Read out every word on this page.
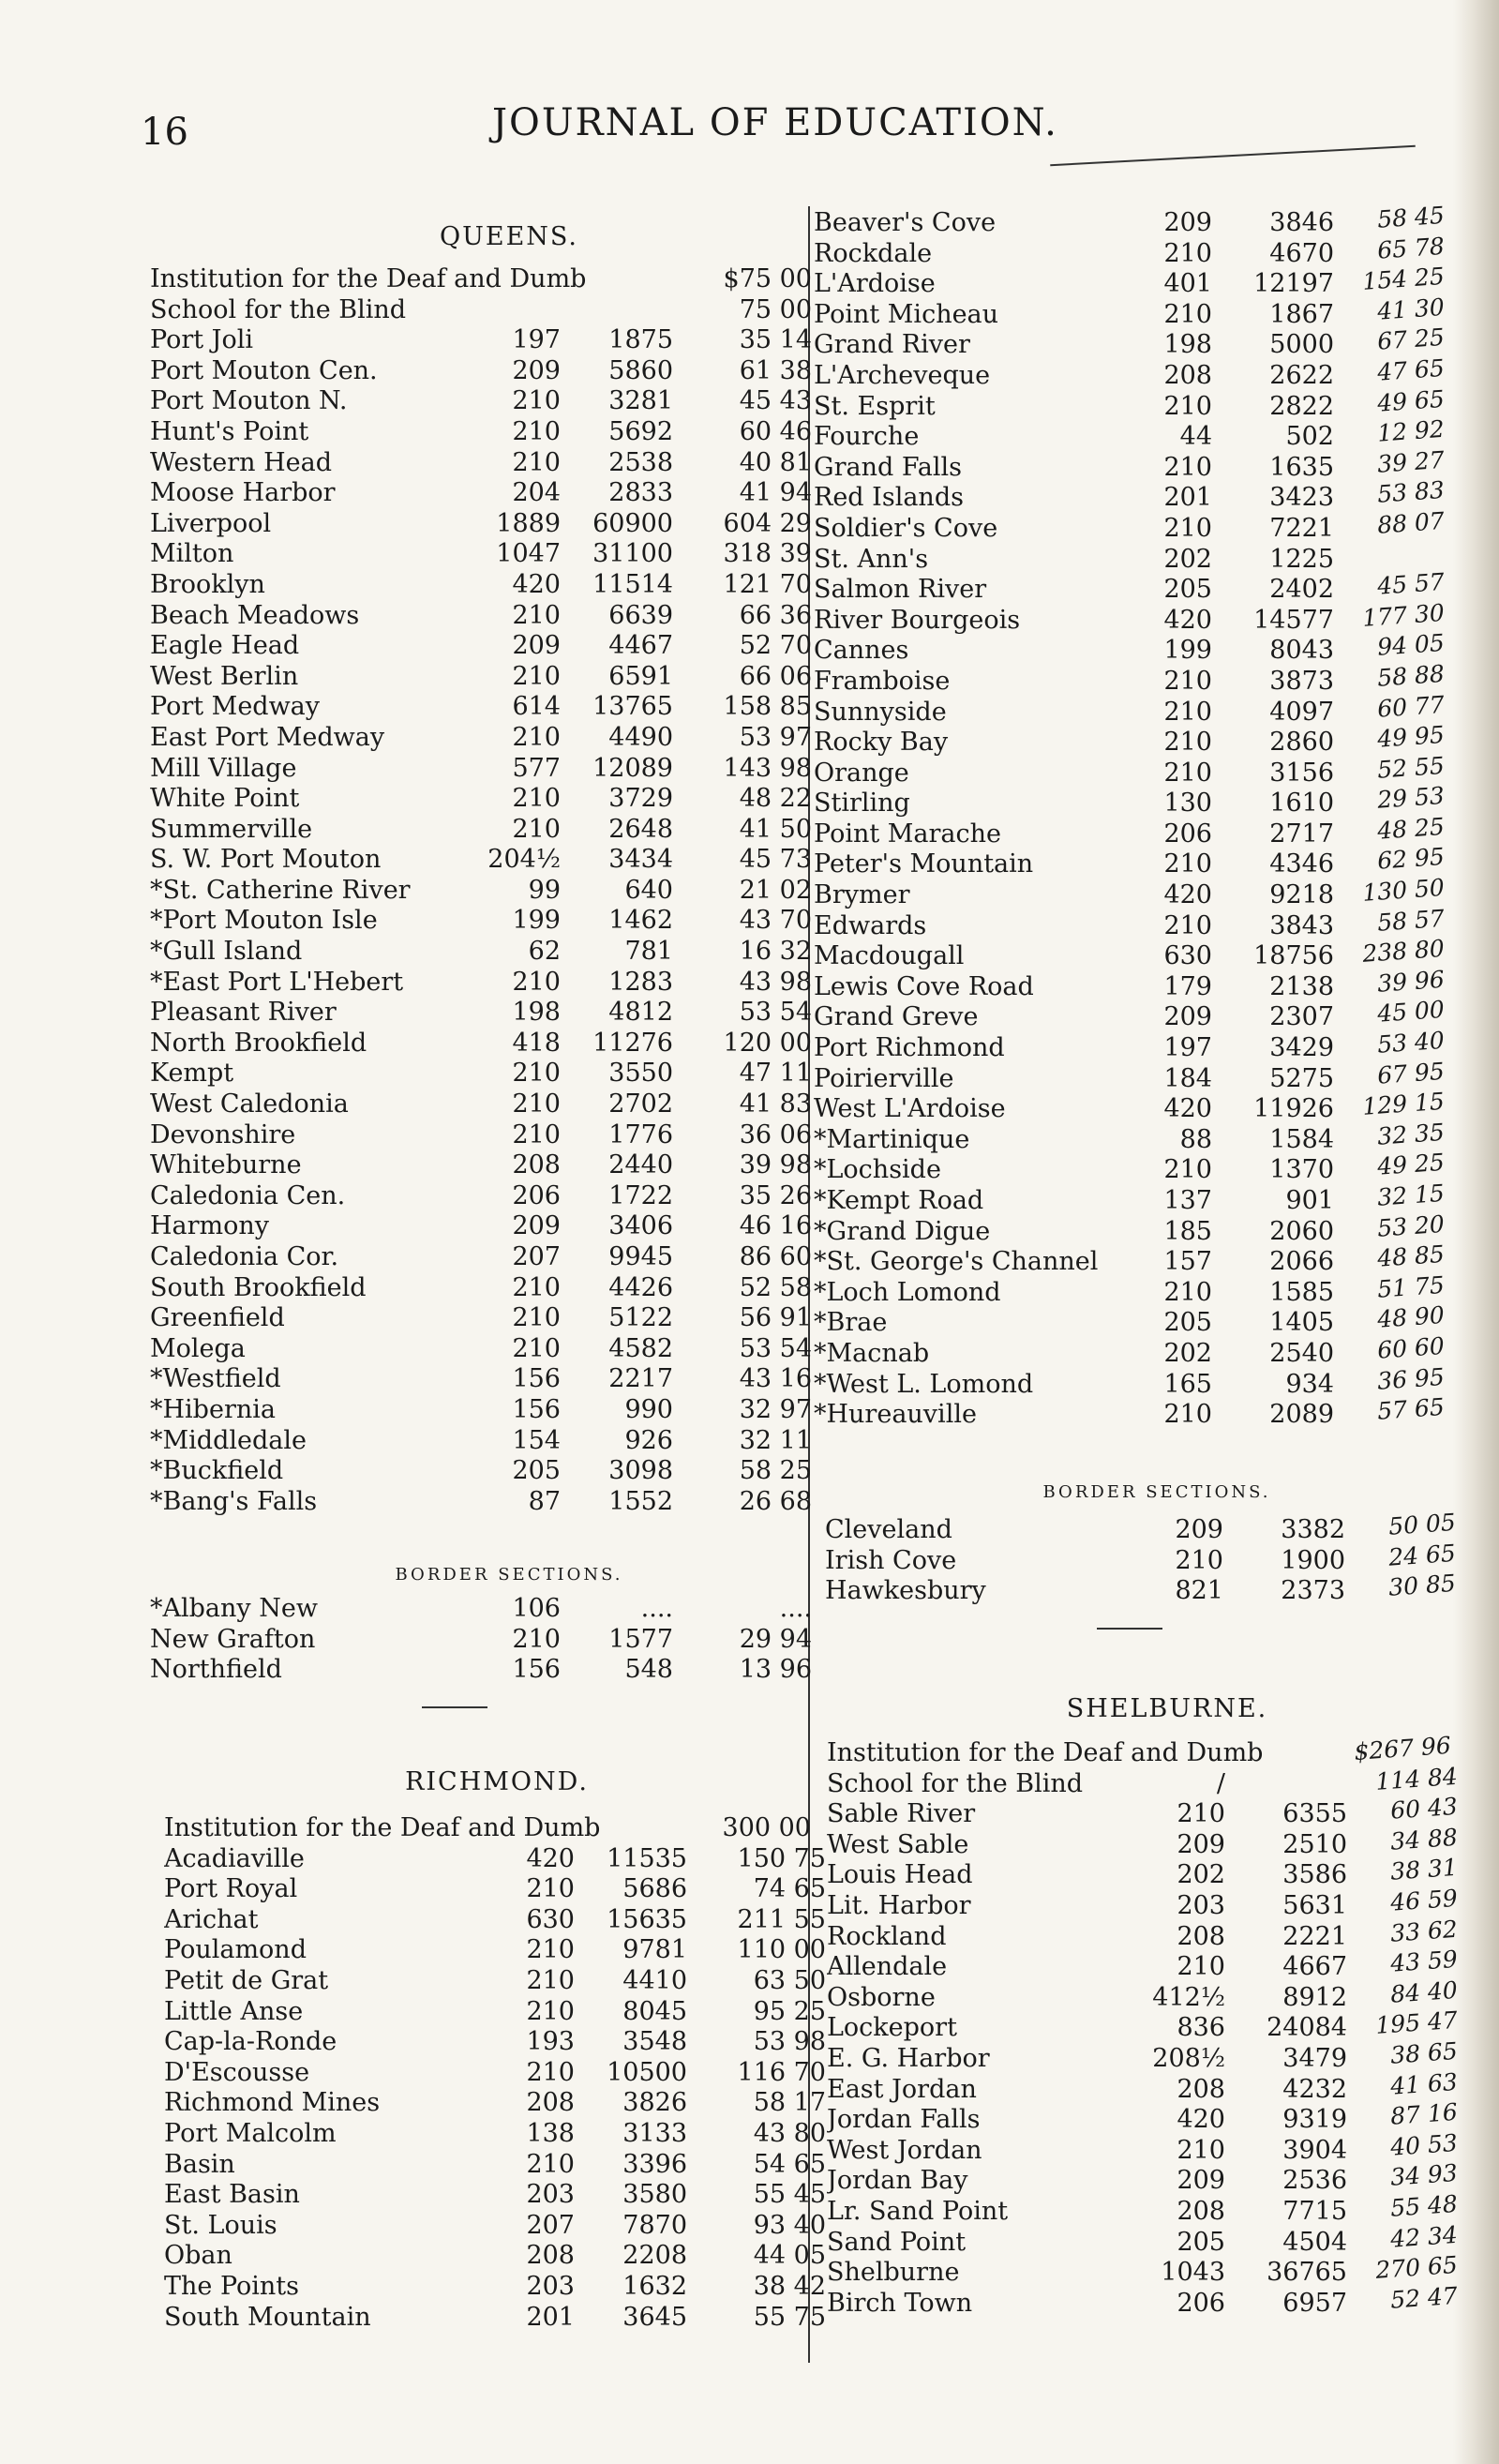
16	JOURNAL OF EDUCATION.
QUEENS.
Institution for the Deaf and Dumb	$75 00
School for the Blind	75 00
Port Joli	197	1875	35 14
Port Mouton Cen.	209	5860	61 38
Port Mouton N.	210	3281	45 43
Hunt's Point	210	5692	60 46
Western Head	210	2538	40 81
Moose Harbor	204	2833	41 94
Liverpool	1889	60900	604 29
Milton	1047	31100	318 39
Brooklyn	420	11514	121 70
Beach Meadows	210	6639	66 36
Eagle Head	209	4467	52 70
West Berlin	210	6591	66 06
Port Medway	614	13765	158 85
East Port Medway	210	4490	53 97
Mill Village	577	12089	143 98
White Point	210	3729	48 22
Summerville	210	2648	41 50
S. W. Port Mouton	204½	3434	45 73
*St. Catherine River	99	640	21 02
*Port Mouton Isle	199	1462	43 70
*Gull Island	62	781	16 32
*East Port L'Hebert	210	1283	43 98
Pleasant River	198	4812	53 54
North Brookfield	418	11276	120 00
Kempt	210	3550	47 11
West Caledonia	210	2702	41 83
Devonshire	210	1776	36 06
Whiteburne	208	2440	39 98
Caledonia Cen.	206	1722	35 26
Harmony	209	3406	46 16
Caledonia Cor.	207	9945	86 60
South Brookfield	210	4426	52 58
Greenfield	210	5122	56 91
Molega	210	4582	53 54
*Westfield	156	2217	43 16
*Hibernia	156	990	32 97
*Middledale	154	926	32 11
*Buckfield	205	3098	58 25
*Bang's Falls	87	1552	26 68
BORDER SECTIONS.
*Albany New	106	....	....
New Grafton	210	1577	29 94
Northfield	156	548	13 96
RICHMOND.
Institution for the Deaf and Dumb	300 00
Acadiaville	420	11535	150 75
Port Royal	210	5686	74 65
Arichat	630	15635	211 55
Poulamond	210	9781	110 00
Petit de Grat	210	4410	63 50
Little Anse	210	8045	95 25
Cap-la-Ronde	193	3548	53 98
D'Escousse	210	10500	116 70
Richmond Mines	208	3826	58 17
Port Malcolm	138	3133	43 80
Basin	210	3396	54 65
East Basin	203	3580	55 45
St. Louis	207	7870	93 40
Oban	208	2208	44 05
The Points	203	1632	38 42
South Mountain	201	3645	55 75
Beaver's Cove	209	3846	58 45
Rockdale	210	4670	65 78
L'Ardoise	401	12197	154 25
Point Micheau	210	1867	41 30
Grand River	198	5000	67 25
L'Archeveque	208	2622	47 65
St. Esprit	210	2822	49 65
Fourche	44	502	12 92
Grand Falls	210	1635	39 27
Red Islands	201	3423	53 83
Soldier's Cove	210	7221	88 07
St. Ann's	202	1225
Salmon River	205	2402	45 57
River Bourgeois	420	14577	177 30
Cannes	199	8043	94 05
Framboise	210	3873	58 88
Sunnyside	210	4097	60 77
Rocky Bay	210	2860	49 95
Orange	210	3156	52 55
Stirling	130	1610	29 53
Point Marache	206	2717	48 25
Peter's Mountain	210	4346	62 95
Brymer	420	9218	130 50
Edwards	210	3843	58 57
Macdougall	630	18756	238 80
Lewis Cove Road	179	2138	39 96
Grand Greve	209	2307	45 00
Port Richmond	197	3429	53 40
Poirierville	184	5275	67 95
West L'Ardoise	420	11926	129 15
*Martinique	88	1584	32 35
*Lochside	210	1370	49 25
*Kempt Road	137	901	32 15
*Grand Digue	185	2060	53 20
*St. George's Channel	157	2066	48 85
*Loch Lomond	210	1585	51 75
*Brae	205	1405	48 90
*Macnab	202	2540	60 60
*West L. Lomond	165	934	36 95
*Hureauville	210	2089	57 65
BORDER SECTIONS.
Cleveland	209	3382	50 05
Irish Cove	210	1900	24 65
Hawkesbury	821	2373	30 85
SHELBURNE.
Institution for the Deaf and Dumb	$267 96
School for the Blind	/	114 84
Sable River	210	6355	60 43
West Sable	209	2510	34 88
Louis Head	202	3586	38 31
Lit. Harbor	203	5631	46 59
Rockland	208	2221	33 62
Allendale	210	4667	43 59
Osborne	412½	8912	84 40
Lockeport	836	24084	195 47
E. G. Harbor	208½	3479	38 65
East Jordan	208	4232	41 63
Jordan Falls	420	9319	87 16
West Jordan	210	3904	40 53
Jordan Bay	209	2536	34 93
Lr. Sand Point	208	7715	55 48
Sand Point	205	4504	42 34
Shelburne	1043	36765	270 65
Birch Town	206	6957	52 47
